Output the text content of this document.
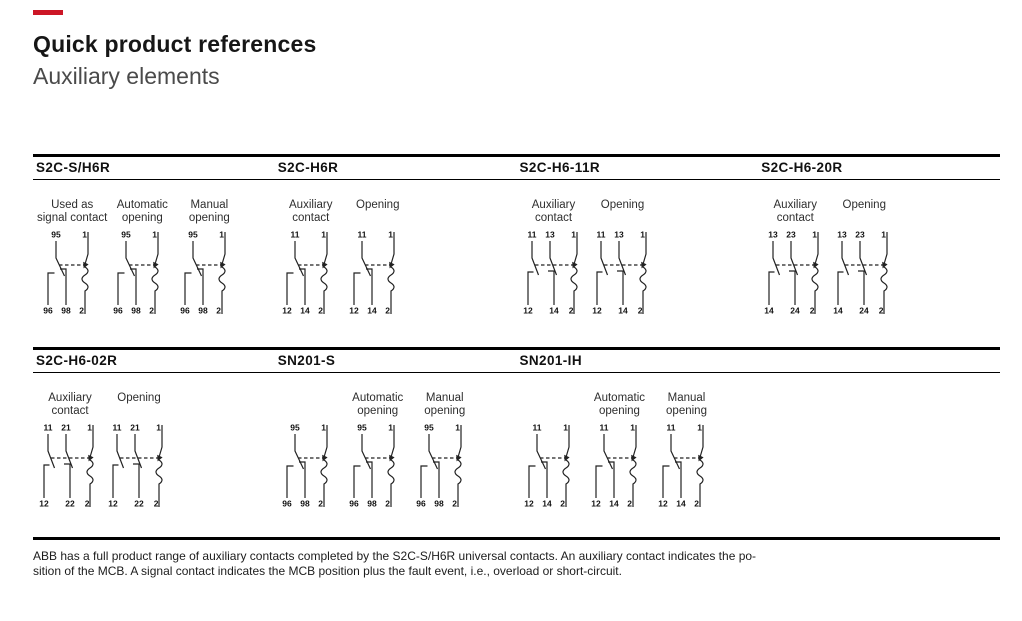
Quick product references
Auxiliary elements
S2C-S/H6R	S2C-H6R	S2C-H6-11R	S2C-H6-20R
Used as
signal contact
95	1
96 98 2
Automatic
opening
95	1
96 98 2
Manual
opening
95	1
96 98 2
Auxiliary
contact
11	1
12 14 2
Opening
11	1
12 14 2
Auxiliary
contact
11 13 1
12 14 2
Opening
11 13 1
12 14 2
Auxiliary
contact
13 23 1
14 24 2
Opening
13 23 1
14 24 2
S2C-H6-02R	SN201-S	SN201-IH
Auxiliary
contact
11 21 1
12 22 2
Opening
11 21 1
12 22 2
95	1
96 98 2
Automatic
opening
95	1
96 98 2
Manual
opening
95	1
96 98 2
11	1
12 14 2
Automatic
opening
11	1
12 14 2
Manual
opening
11	1
12 14 2
ABB has a full product range of auxiliary contacts completed by the S2C-S/H6R universal contacts. An auxiliary contact indicates the po-
sition of the MCB. A signal contact indicates the MCB position plus the fault event, i.e., overload or short-circuit.
